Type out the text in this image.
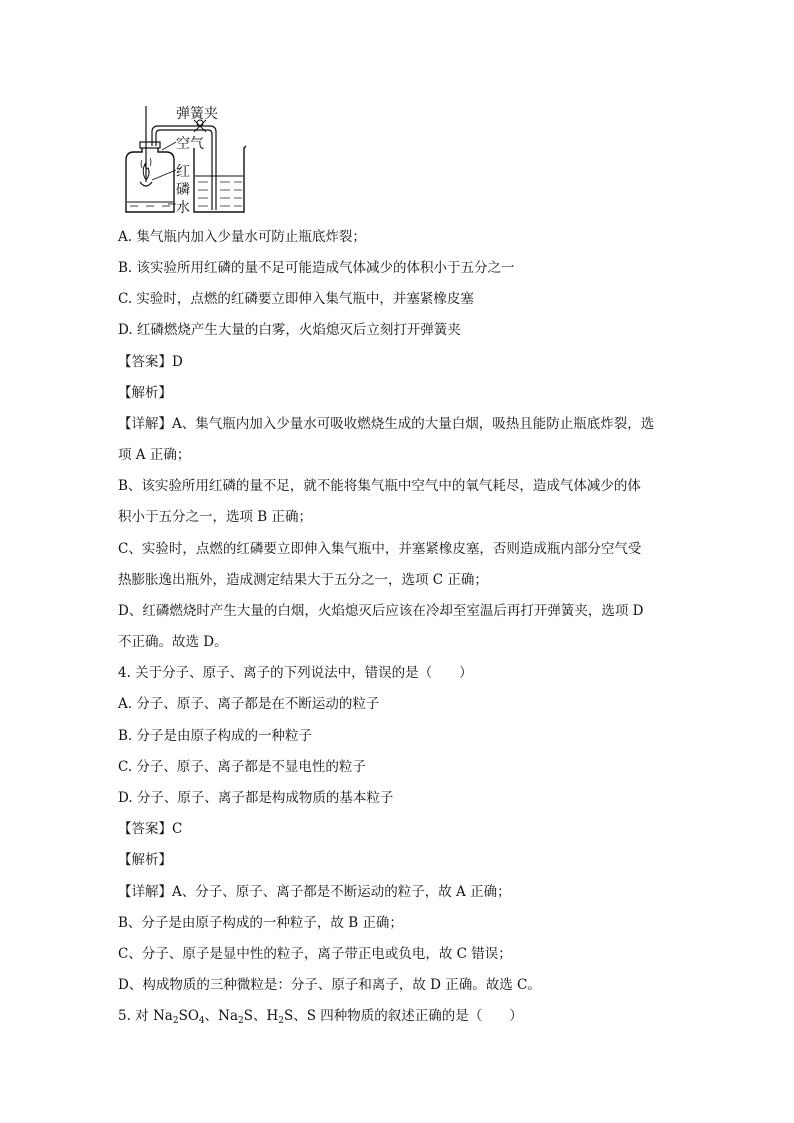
弹簧夹
空气
红
磷
水
A. 集气瓶内加入少量水可防止瓶底炸裂；
B. 该实验所用红磷的量不足可能造成气体减少的体积小于五分之一
C. 实验时，点燃的红磷要立即伸入集气瓶中，并塞紧橡皮塞
D. 红磷燃烧产生大量的白雾，火焰熄灭后立刻打开弹簧夹
【答案】D
【解析】
【详解】A、集气瓶内加入少量水可吸收燃烧生成的大量白烟，吸热且能防止瓶底炸裂，选
项 A 正确；
B、该实验所用红磷的量不足，就不能将集气瓶中空气中的氧气耗尽，造成气体减少的体
积小于五分之一，选项 B 正确；
C、实验时，点燃的红磷要立即伸入集气瓶中，并塞紧橡皮塞，否则造成瓶内部分空气受
热膨胀逸出瓶外，造成测定结果大于五分之一，选项 C 正确；
D、红磷燃烧时产生大量的白烟，火焰熄灭后应该在冷却至室温后再打开弹簧夹，选项 D
不正确。故选 D。
4. 关于分子、原子、离子的下列说法中，错误的是（　　）
A. 分子、原子、离子都是在不断运动的粒子
B. 分子是由原子构成的一种粒子
C. 分子、原子、离子都是不显电性的粒子
D. 分子、原子、离子都是构成物质的基本粒子
【答案】C
【解析】
【详解】A、分子、原子、离子都是不断运动的粒子，故 A 正确；
B、分子是由原子构成的一种粒子，故 B 正确；
C、分子、原子是显中性的粒子，离子带正电或负电，故 C 错误；
D、构成物质的三种微粒是：分子、原子和离子，故 D 正确。故选 C。
5. 对 $Na_2SO_4$、$Na_2S$、$H_2S$、S 四种物质的叙述正确的是（　　）
